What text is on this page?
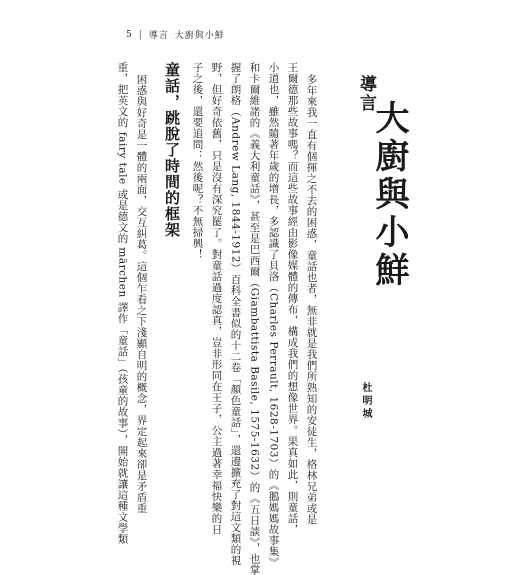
5 | 導言 大廚與小鮮
導言
大廚與小鮮
杜明城
多年來我一直有個揮之不去的困惑，童話也者，無非就是我們所熟知的安徒生，格林兄弟或是
王爾德那些故事嗎？而這些故事經由影像媒體的傳布，構成我們的想像世界。果真如此，則童話，
小道也，雖然隨著年歲的增長，多認識了貝洛（Charles Perrault, 1628-1703）的《鵝媽媽故事集》
和卡爾維諾的《義大利童話》，甚至是巴西爾（Giambattista Basile, 1575-1632）的《五日談》，也掌
握了朗格（Andrew Lang, 1844-1912）百科全書似的十二卷「顏色童話」，還邊擴充了對這文類的視
野，但好奇依舊，只是沒有深究罷了。對童話過度認真，豈非形同在王子，公主過著幸福快樂的日
子之後，還要追問：然後呢？不無掃興！
童話，跳脫了時間的框架
困惑與好奇是一體的兩面，交互糾葛。這個乍看之下淺顯自明的概念，界定起來卻是矛盾重
重，把英文的 fairy tale 或是德文的 märchen 譯作「童話」（孩童的故事），開始就讓這種文學類
